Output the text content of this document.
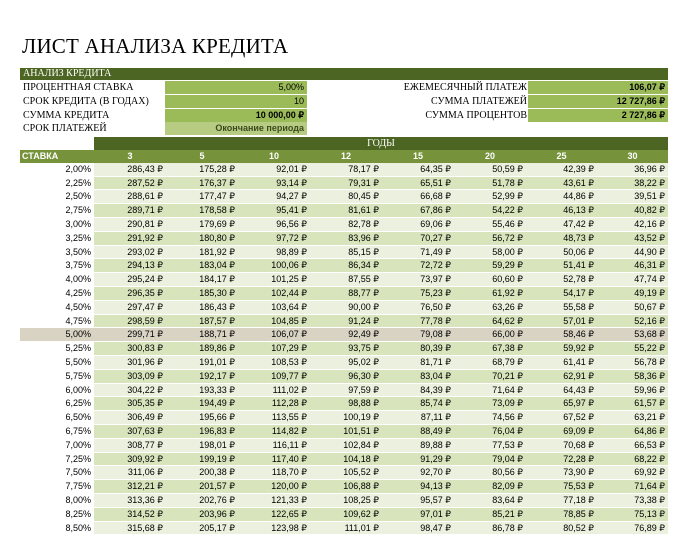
ЛИСТ АНАЛИЗА КРЕДИТА
АНАЛИЗ КРЕДИТА
ПРОЦЕНТНАЯ СТАВКА	5,00%	ЕЖЕМЕСЯЧНЫЙ ПЛАТЕЖ	106,07 ₽
СРОК КРЕДИТА (В ГОДАХ)	10	СУММА ПЛАТЕЖЕЙ	12 727,86 ₽
СУММА КРЕДИТА	10 000,00 ₽	СУММА ПРОЦЕНТОВ	2 727,86 ₽
СРОК ПЛАТЕЖЕЙ	Окончание периода
ГОДЫ
СТАВКА	3	5	10	12	15	20	25	30
2,00%	286,43 ₽	175,28 ₽	92,01 ₽	78,17 ₽	64,35 ₽	50,59 ₽	42,39 ₽	36,96 ₽
2,25%	287,52 ₽	176,37 ₽	93,14 ₽	79,31 ₽	65,51 ₽	51,78 ₽	43,61 ₽	38,22 ₽
2,50%	288,61 ₽	177,47 ₽	94,27 ₽	80,45 ₽	66,68 ₽	52,99 ₽	44,86 ₽	39,51 ₽
2,75%	289,71 ₽	178,58 ₽	95,41 ₽	81,61 ₽	67,86 ₽	54,22 ₽	46,13 ₽	40,82 ₽
3,00%	290,81 ₽	179,69 ₽	96,56 ₽	82,78 ₽	69,06 ₽	55,46 ₽	47,42 ₽	42,16 ₽
3,25%	291,92 ₽	180,80 ₽	97,72 ₽	83,96 ₽	70,27 ₽	56,72 ₽	48,73 ₽	43,52 ₽
3,50%	293,02 ₽	181,92 ₽	98,89 ₽	85,15 ₽	71,49 ₽	58,00 ₽	50,06 ₽	44,90 ₽
3,75%	294,13 ₽	183,04 ₽	100,06 ₽	86,34 ₽	72,72 ₽	59,29 ₽	51,41 ₽	46,31 ₽
4,00%	295,24 ₽	184,17 ₽	101,25 ₽	87,55 ₽	73,97 ₽	60,60 ₽	52,78 ₽	47,74 ₽
4,25%	296,35 ₽	185,30 ₽	102,44 ₽	88,77 ₽	75,23 ₽	61,92 ₽	54,17 ₽	49,19 ₽
4,50%	297,47 ₽	186,43 ₽	103,64 ₽	90,00 ₽	76,50 ₽	63,26 ₽	55,58 ₽	50,67 ₽
4,75%	298,59 ₽	187,57 ₽	104,85 ₽	91,24 ₽	77,78 ₽	64,62 ₽	57,01 ₽	52,16 ₽
5,00%	299,71 ₽	188,71 ₽	106,07 ₽	92,49 ₽	79,08 ₽	66,00 ₽	58,46 ₽	53,68 ₽
5,25%	300,83 ₽	189,86 ₽	107,29 ₽	93,75 ₽	80,39 ₽	67,38 ₽	59,92 ₽	55,22 ₽
5,50%	301,96 ₽	191,01 ₽	108,53 ₽	95,02 ₽	81,71 ₽	68,79 ₽	61,41 ₽	56,78 ₽
5,75%	303,09 ₽	192,17 ₽	109,77 ₽	96,30 ₽	83,04 ₽	70,21 ₽	62,91 ₽	58,36 ₽
6,00%	304,22 ₽	193,33 ₽	111,02 ₽	97,59 ₽	84,39 ₽	71,64 ₽	64,43 ₽	59,96 ₽
6,25%	305,35 ₽	194,49 ₽	112,28 ₽	98,88 ₽	85,74 ₽	73,09 ₽	65,97 ₽	61,57 ₽
6,50%	306,49 ₽	195,66 ₽	113,55 ₽	100,19 ₽	87,11 ₽	74,56 ₽	67,52 ₽	63,21 ₽
6,75%	307,63 ₽	196,83 ₽	114,82 ₽	101,51 ₽	88,49 ₽	76,04 ₽	69,09 ₽	64,86 ₽
7,00%	308,77 ₽	198,01 ₽	116,11 ₽	102,84 ₽	89,88 ₽	77,53 ₽	70,68 ₽	66,53 ₽
7,25%	309,92 ₽	199,19 ₽	117,40 ₽	104,18 ₽	91,29 ₽	79,04 ₽	72,28 ₽	68,22 ₽
7,50%	311,06 ₽	200,38 ₽	118,70 ₽	105,52 ₽	92,70 ₽	80,56 ₽	73,90 ₽	69,92 ₽
7,75%	312,21 ₽	201,57 ₽	120,00 ₽	106,88 ₽	94,13 ₽	82,09 ₽	75,53 ₽	71,64 ₽
8,00%	313,36 ₽	202,76 ₽	121,33 ₽	108,25 ₽	95,57 ₽	83,64 ₽	77,18 ₽	73,38 ₽
8,25%	314,52 ₽	203,96 ₽	122,65 ₽	109,62 ₽	97,01 ₽	85,21 ₽	78,85 ₽	75,13 ₽
8,50%	315,68 ₽	205,17 ₽	123,98 ₽	111,01 ₽	98,47 ₽	86,78 ₽	80,52 ₽	76,89 ₽
